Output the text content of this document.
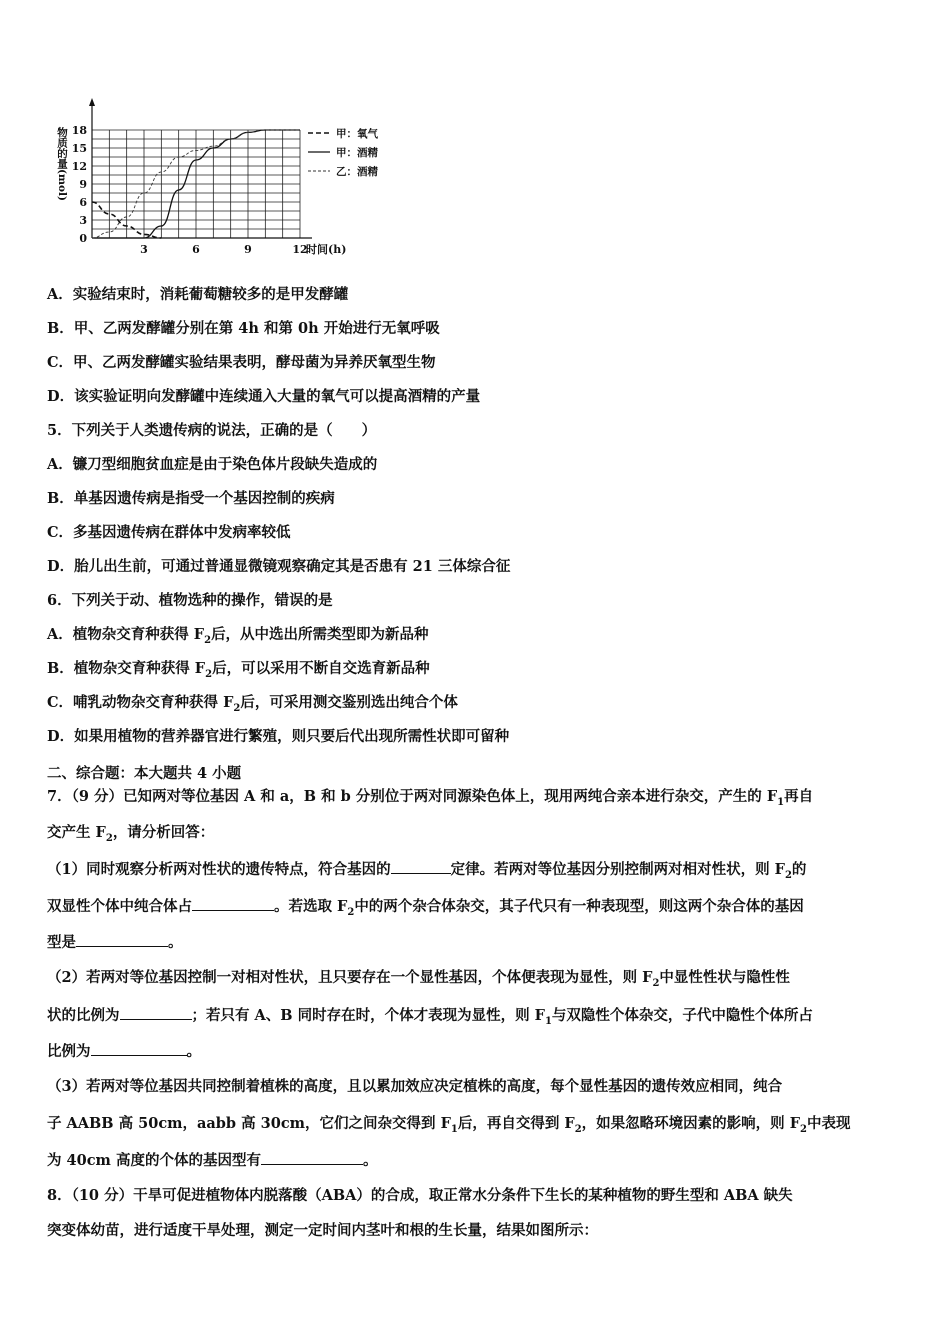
0
3
6
9
12
15
18
3	6	9	12
时间(h)
物质的量(mol)	甲：氧气
甲：酒精
乙：酒精
A．实验结束时，消耗葡萄糖较多的是甲发酵罐
B．甲、乙两发酵罐分别在第 4h 和第 0h 开始进行无氧呼吸
C．甲、乙两发酵罐实验结果表明，酵母菌为异养厌氧型生物
D．该实验证明向发酵罐中连续通入大量的氧气可以提高酒精的产量
5．下列关于人类遗传病的说法，正确的是（　　）
A．镰刀型细胞贫血症是由于染色体片段缺失造成的
B．单基因遗传病是指受一个基因控制的疾病
C．多基因遗传病在群体中发病率较低
D．胎儿出生前，可通过普通显微镜观察确定其是否患有 21 三体综合征
6．下列关于动、植物选种的操作，错误的是
A．植物杂交育种获得 $F_2$后，从中选出所需类型即为新品种
B．植物杂交育种获得 $F_2$后，可以采用不断自交选育新品种
C．哺乳动物杂交育种获得 $F_2$后，可采用测交鉴别选出纯合个体
D．如果用植物的营养器官进行繁殖，则只要后代出现所需性状即可留种
二、综合题：本大题共 4 小题
7．（9 分）已知两对等位基因 A 和 a，B 和 b 分别位于两对同源染色体上，现用两纯合亲本进行杂交，产生的 $F_1$再自
交产生 $F_2$，请分析回答：
（1）同时观察分析两对性状的遗传特点，符合基因的	定律。若两对等位基因分别控制两对相对性状，则 $F_2$的
双显性个体中纯合体占	。若选取 $F_2$中的两个杂合体杂交，其子代只有一种表现型，则这两个杂合体的基因
型是	。
（2）若两对等位基因控制一对相对性状，且只要存在一个显性基因，个体便表现为显性，则 $F_2$中显性性状与隐性性
状的比例为	；若只有 A、B 同时存在时，个体才表现为显性，则 $F_1$与双隐性个体杂交，子代中隐性个体所占
比例为	。
（3）若两对等位基因共同控制着植株的高度，且以累加效应决定植株的高度，每个显性基因的遗传效应相同，纯合
子 AABB 高 50cm，aabb 高 30cm，它们之间杂交得到 $F_1$后，再自交得到 $F_2$，如果忽略环境因素的影响，则 $F_2$中表现
为 40cm 高度的个体的基因型有	。
8．（10 分）干旱可促进植物体内脱落酸（ABA）的合成，取正常水分条件下生长的某种植物的野生型和 ABA 缺失
突变体幼苗，进行适度干旱处理，测定一定时间内茎叶和根的生长量，结果如图所示：
